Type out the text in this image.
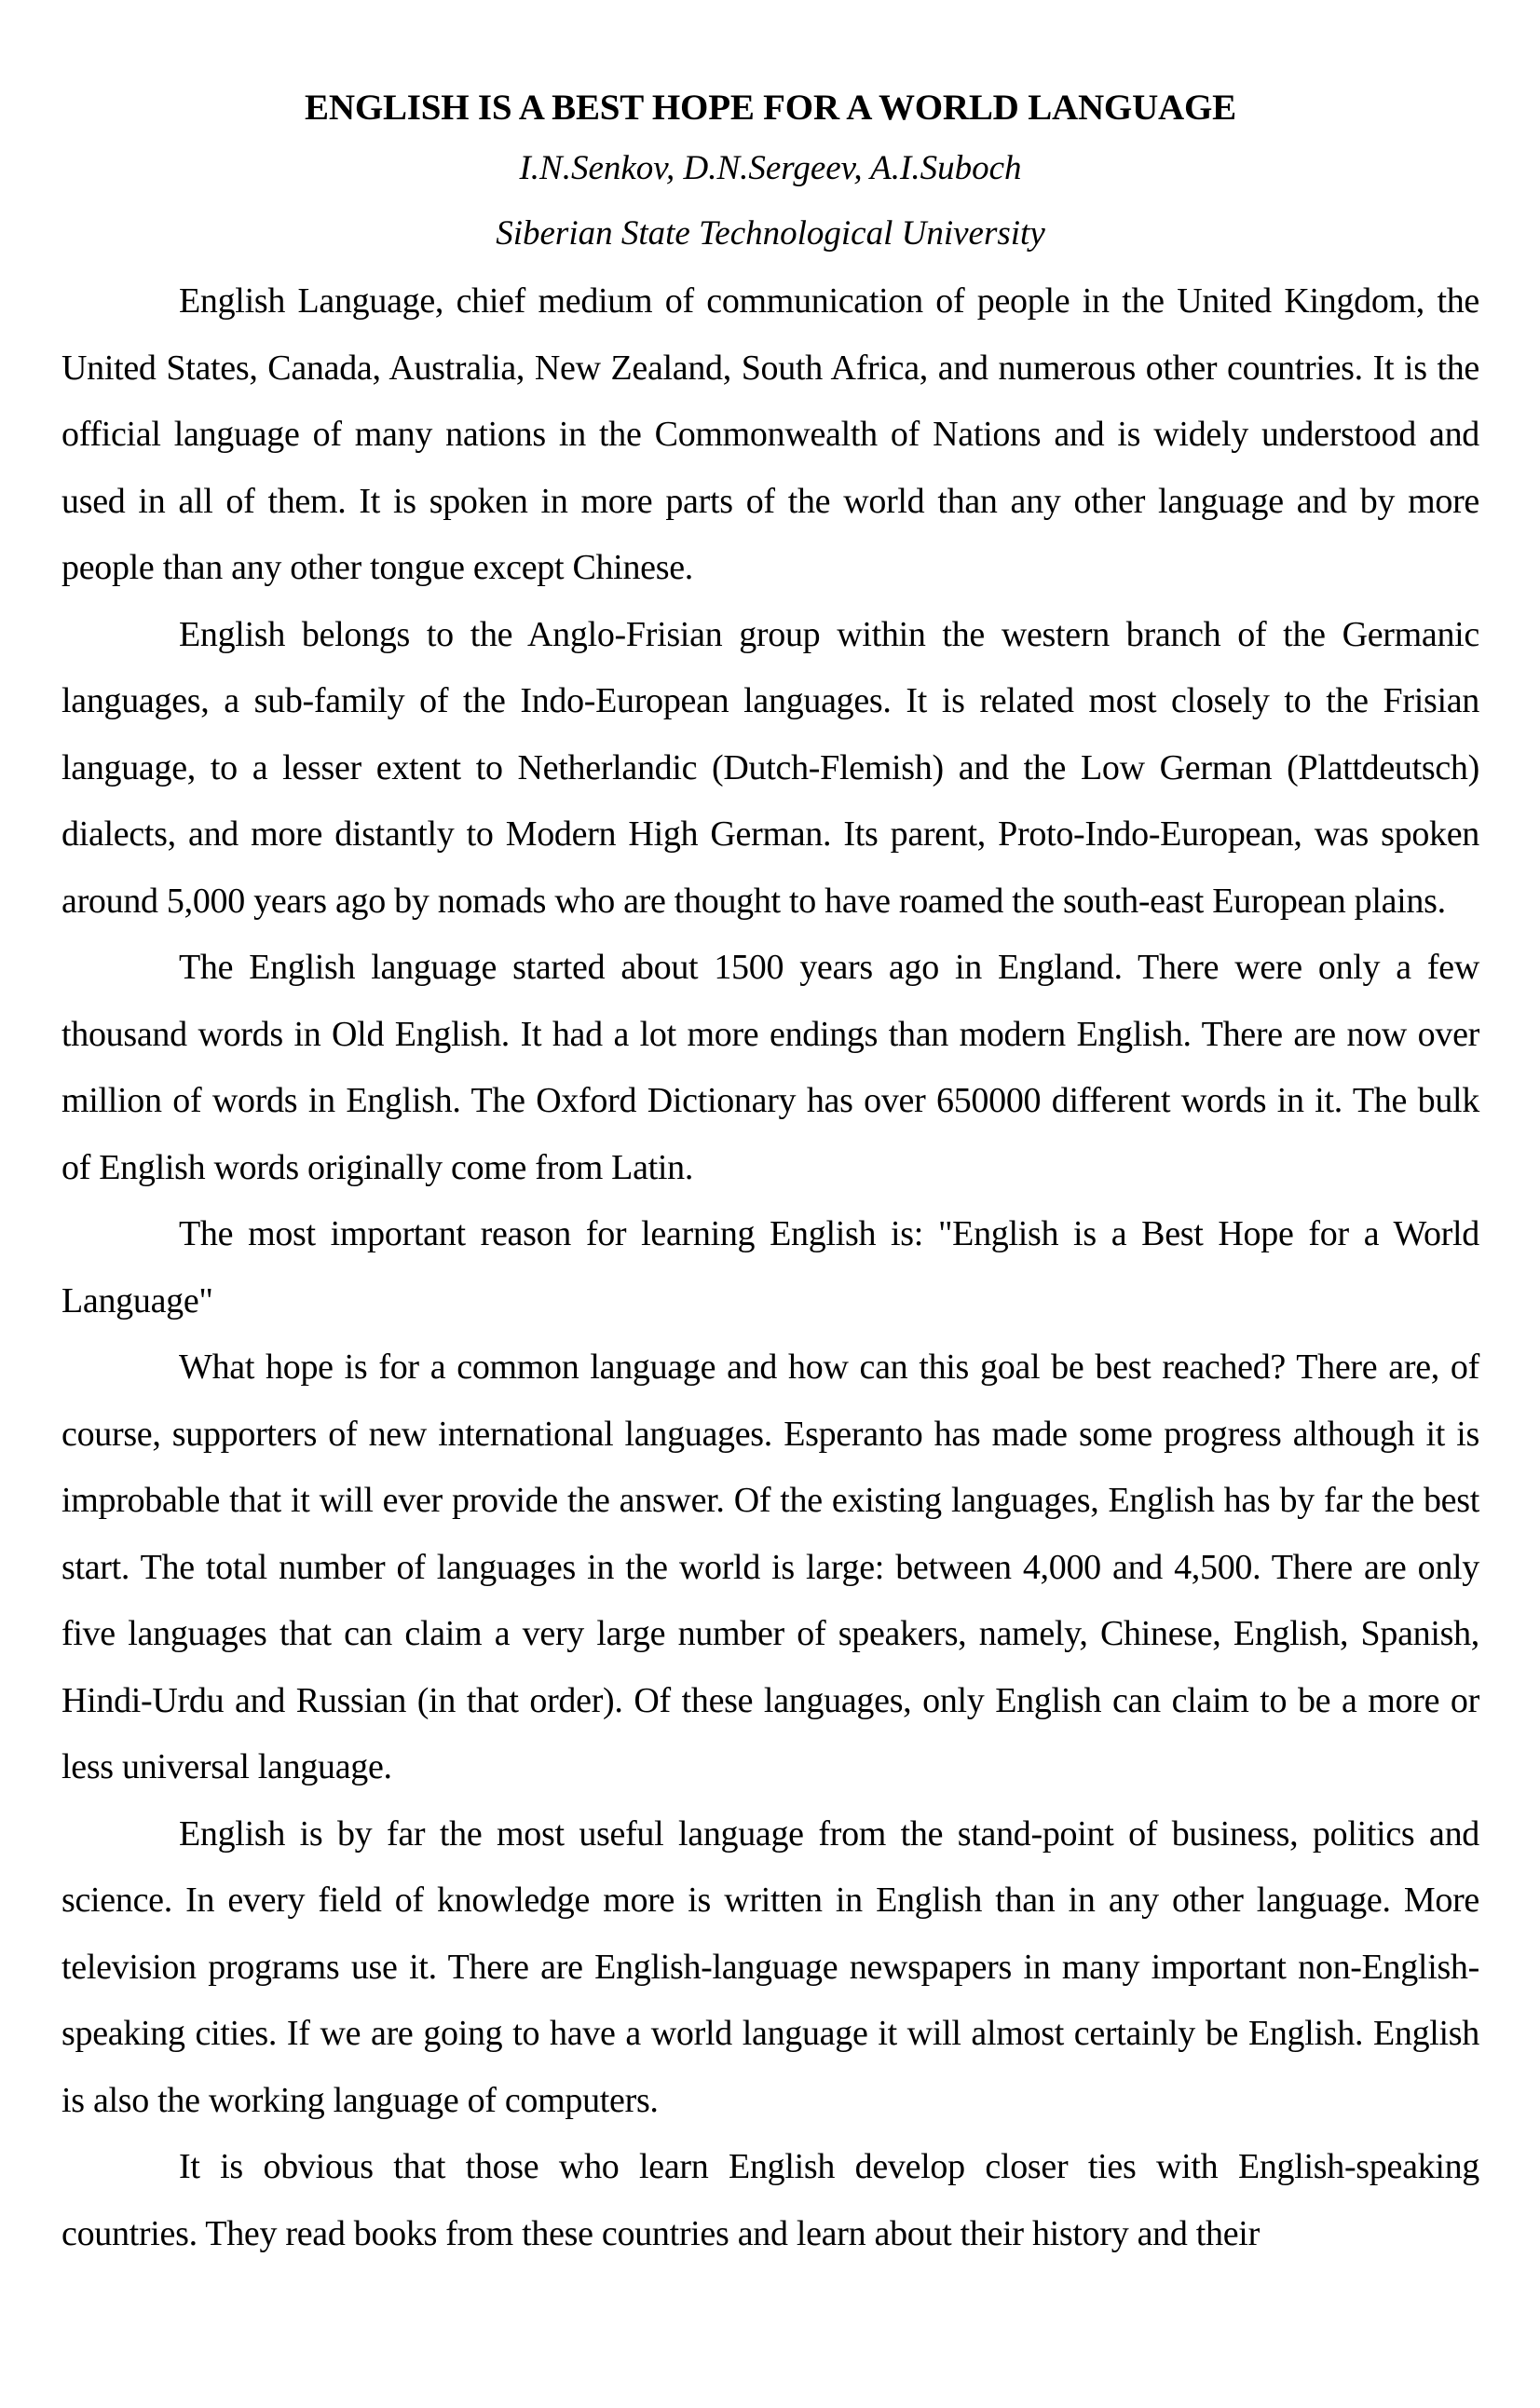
ENGLISH IS A BEST HOPE FOR A WORLD LANGUAGE

I.N.Senkov, D.N.Sergeev, A.I.Suboch

Siberian State Technological University

English Language, chief medium of communication of people in the United Kingdom, the United States, Canada, Australia, New Zealand, South Africa, and numerous other countries. It is the official language of many nations in the Commonwealth of Nations and is widely understood and used in all of them. It is spoken in more parts of the world than any other language and by more people than any other tongue except Chinese.

English belongs to the Anglo-Frisian group within the western branch of the Germanic languages, a sub-family of the Indo-European languages. It is related most closely to the Frisian language, to a lesser extent to Netherlandic (Dutch-Flemish) and the Low German (Plattdeutsch) dialects, and more distantly to Modern High German. Its parent, Proto-Indo-European, was spoken around 5,000 years ago by nomads who are thought to have roamed the south-east European plains.

The English language started about 1500 years ago in England. There were only a few thousand words in Old English. It had a lot more endings than modern English. There are now over million of words in English. The Oxford Dictionary has over 650000 different words in it. The bulk of English words originally come from Latin.

The most important reason for learning English is: "English is a Best Hope for a World Language"

What hope is for a common language and how can this goal be best reached? There are, of course, supporters of new international languages. Esperanto has made some progress although it is improbable that it will ever provide the answer. Of the existing languages, English has by far the best start. The total number of languages in the world is large: between 4,000 and 4,500. There are only five languages that can claim a very large number of speakers, namely, Chinese, English, Spanish, Hindi-Urdu and Russian (in that order). Of these languages, only English can claim to be a more or less universal language.

English is by far the most useful language from the stand-point of business, politics and science. In every field of knowledge more is written in English than in any other language. More television programs use it. There are English-language newspapers in many important non-English-speaking cities. If we are going to have a world language it will almost certainly be English. English is also the working language of computers.

It is obvious that those who learn English develop closer ties with English-speaking countries. They read books from these countries and learn about their history and their
